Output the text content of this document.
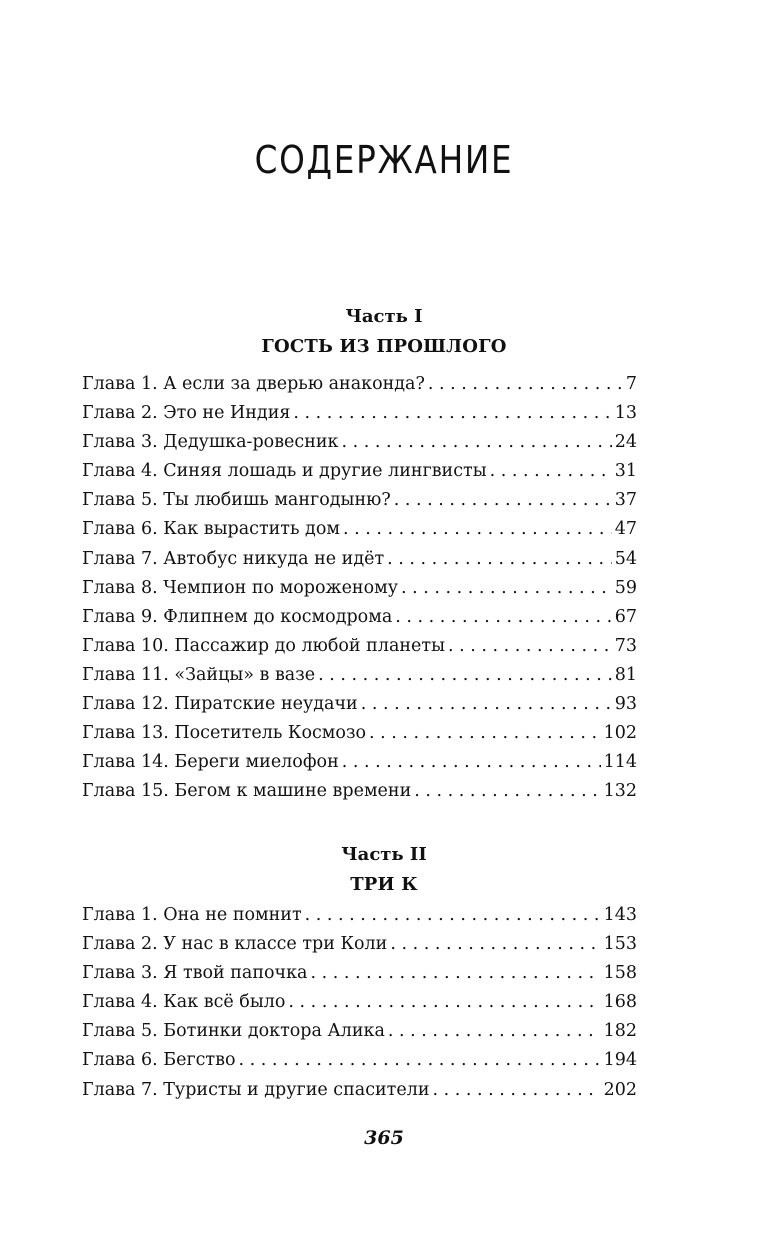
СОДЕРЖАНИЕ
Часть I
ГОСТЬ ИЗ ПРОШЛОГО
Глава 1. А если за дверью анаконда? . . .	7
Глава 2. Это не Индия . . .	13
Глава 3. Дедушка-ровесник . . .	24
Глава 4. Синяя лошадь и другие лингвисты . . .	31
Глава 5. Ты любишь мангодыню? . . .	37
Глава 6. Как вырастить дом . . .	47
Глава 7. Автобус никуда не идёт . . .	54
Глава 8. Чемпион по мороженому . . .	59
Глава 9. Флипнем до космодрома . . .	67
Глава 10. Пассажир до любой планеты . . .	73
Глава 11. «Зайцы» в вазе . . .	81
Глава 12. Пиратские неудачи . . .	93
Глава 13. Посетитель Космозо . . .	102
Глава 14. Береги миелофон . . .	114
Глава 15. Бегом к машине времени . . .	132
Часть II
ТРИ К
Глава 1. Она не помнит . . .	143
Глава 2. У нас в классе три Коли . . .	153
Глава 3. Я твой папочка . . .	158
Глава 4. Как всё было . . .	168
Глава 5. Ботинки доктора Алика . . .	182
Глава 6. Бегство . . .	194
Глава 7. Туристы и другие спасители . . .	202
365
